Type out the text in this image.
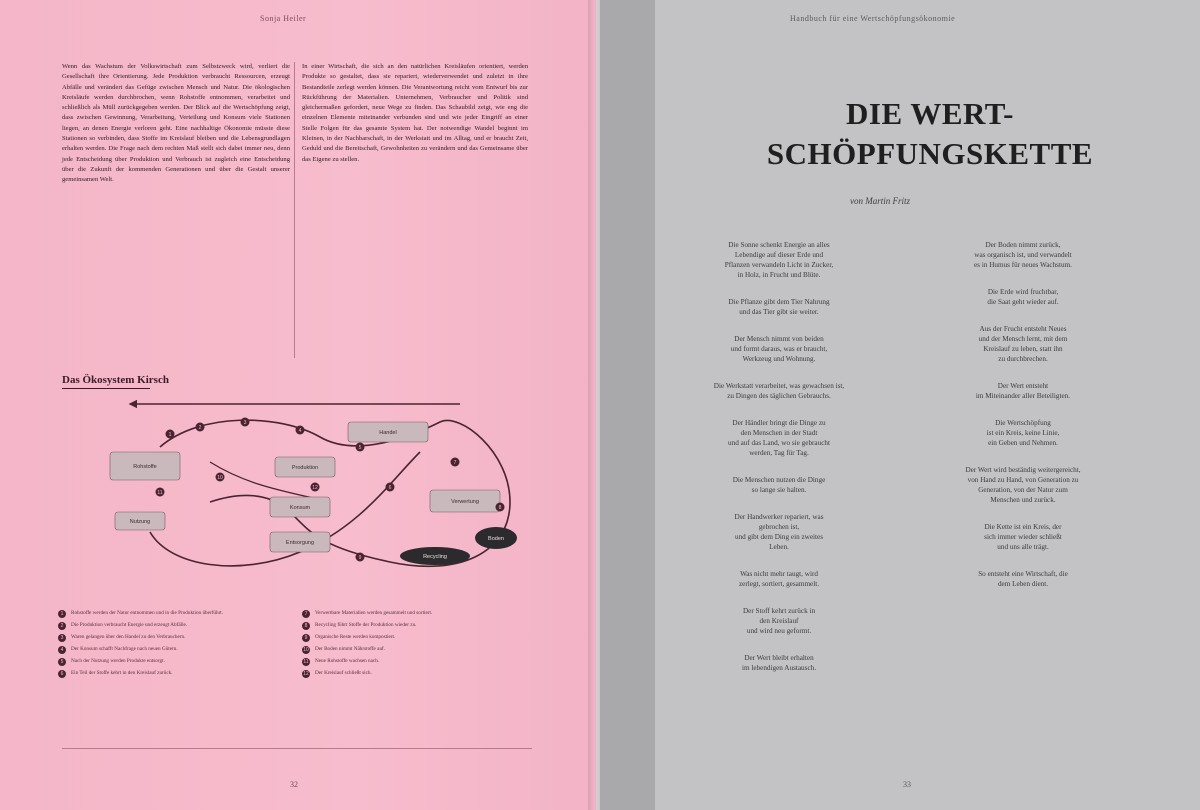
Sonja Heiler

Wenn das Wachstum der Volkswirtschaft zum Selbstzweck wird, verliert die Gesellschaft ihre Orientierung. Jede Produktion verbraucht Ressourcen, erzeugt Abfälle und verändert das Gefüge zwischen Mensch und Natur. Die ökologischen Kreisläufe werden durchbrochen, wenn Rohstoffe entnommen, verarbeitet und schließlich als Müll zurückgegeben werden. Der Blick auf die Wertschöpfung zeigt, dass zwischen Gewinnung, Verarbeitung, Verteilung und Konsum viele Stationen liegen, an denen Energie verloren geht. Eine nachhaltige Ökonomie müsste diese Stationen so verbinden, dass Stoffe im Kreislauf bleiben und die Lebensgrundlagen erhalten werden. Die Frage nach dem rechten Maß stellt sich dabei immer neu, denn jede Entscheidung über Produktion und Verbrauch ist zugleich eine Entscheidung über die Zukunft der kommenden Generationen und über die Gestalt unserer gemeinsamen Welt.

In einer Wirtschaft, die sich an den natürlichen Kreisläufen orientiert, werden Produkte so gestaltet, dass sie repariert, wiederverwendet und zuletzt in ihre Bestandteile zerlegt werden können. Die Verantwortung reicht vom Entwurf bis zur Rückführung der Materialien. Unternehmen, Verbraucher und Politik sind gleichermaßen gefordert, neue Wege zu finden. Das Schaubild zeigt, wie eng die einzelnen Elemente miteinander verbunden sind und wie jeder Eingriff an einer Stelle Folgen für das gesamte System hat. Der notwendige Wandel beginnt im Kleinen, in der Nachbarschaft, in der Werkstatt und im Alltag, und er braucht Zeit, Geduld und die Bereitschaft, Gewohnheiten zu verändern und das Gemeinsame über das Eigene zu stellen.

Das Ökosystem Kirsch
Rohstoffe	Produktion
Handel
Konsum
Nutzung
Entsorgung
Verwertung
Recycling
Boden
1
2
3
4
5
6
7
8
9
10
11
12
1	Rohstoffe werden der Natur entnommen und in die Produktion überführt.
2	Die Produktion verbraucht Energie und erzeugt Abfälle.
3	Waren gelangen über den Handel zu den Verbrauchern.
4	Der Konsum schafft Nachfrage nach neuen Gütern.
5	Nach der Nutzung werden Produkte entsorgt.
6	Ein Teil der Stoffe kehrt in den Kreislauf zurück.
7	Verwertbare Materialien werden gesammelt und sortiert.
8	Recycling führt Stoffe der Produktion wieder zu.
9	Organische Reste werden kompostiert.
10 Der Boden nimmt Nährstoffe auf.
11 Neue Rohstoffe wachsen nach.
12 Der Kreislauf schließt sich.
32
Handbuch für eine Wertschöpfungsökonomie
DIE WERT-
SCHÖPFUNGSKETTE
von Martin Fritz
Die Sonne schenkt Energie an alles
Lebendige auf dieser Erde und
Pflanzen verwandeln Licht in Zucker,
in Holz, in Frucht und Blüte.
Die Pflanze gibt dem Tier Nahrung
und das Tier gibt sie weiter.
Der Mensch nimmt von beiden
und formt daraus, was er braucht,
Werkzeug und Wohnung.
Die Werkstatt verarbeitet, was gewachsen ist,
zu Dingen des täglichen Gebrauchs.
Der Händler bringt die Dinge zu
den Menschen in der Stadt
und auf das Land, wo sie gebraucht
werden, Tag für Tag.
Die Menschen nutzen die Dinge
so lange sie halten.
Der Handwerker repariert, was
gebrochen ist,
und gibt dem Ding ein zweites
Leben.
Was nicht mehr taugt, wird
zerlegt, sortiert, gesammelt.
Der Stoff kehrt zurück in
den Kreislauf
und wird neu geformt.
Der Wert bleibt erhalten
im lebendigen Austausch.
Der Boden nimmt zurück,
was organisch ist, und verwandelt
es in Humus für neues Wachstum.
Die Erde wird fruchtbar,
die Saat geht wieder auf.
Aus der Frucht entsteht Neues
und der Mensch lernt, mit dem
Kreislauf zu leben, statt ihn
zu durchbrechen.
Der Wert entsteht
im Miteinander aller Beteiligten.
Die Wertschöpfung
ist ein Kreis, keine Linie,
ein Geben und Nehmen.
Der Wert wird beständig weitergereicht,
von Hand zu Hand, von Generation zu
Generation, von der Natur zum
Menschen und zurück.
Die Kette ist ein Kreis, der
sich immer wieder schließt
und uns alle trägt.
So entsteht eine Wirtschaft, die
dem Leben dient.
33
